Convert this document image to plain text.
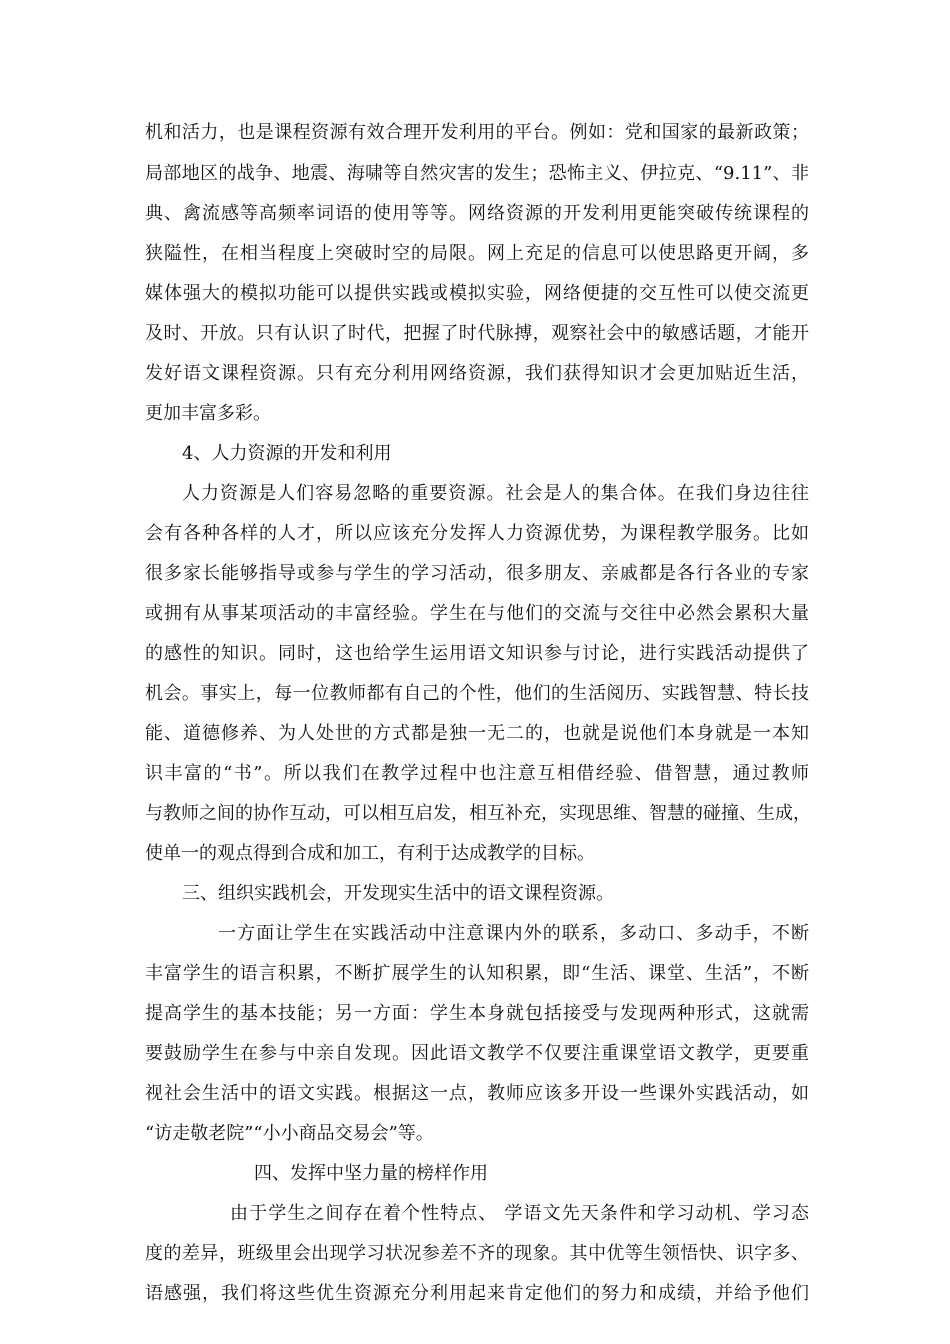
机和活力，也是课程资源有效合理开发利用的平台。例如：党和国家的最新政策；
局部地区的战争、地震、海啸等自然灾害的发生；恐怖主义、伊拉克、“9.11”、非
典、禽流感等高频率词语的使用等等。网络资源的开发利用更能突破传统课程的
狭隘性，在相当程度上突破时空的局限。网上充足的信息可以使思路更开阔，多
媒体强大的模拟功能可以提供实践或模拟实验，网络便捷的交互性可以使交流更
及时、开放。只有认识了时代，把握了时代脉搏，观察社会中的敏感话题，才能开
发好语文课程资源。只有充分利用网络资源，我们获得知识才会更加贴近生活，
更加丰富多彩。
4、人力资源的开发和利用
人力资源是人们容易忽略的重要资源。社会是人的集合体。在我们身边往往
会有各种各样的人才，所以应该充分发挥人力资源优势，为课程教学服务。比如
很多家长能够指导或参与学生的学习活动，很多朋友、亲戚都是各行各业的专家
或拥有从事某项活动的丰富经验。学生在与他们的交流与交往中必然会累积大量
的感性的知识。同时，这也给学生运用语文知识参与讨论，进行实践活动提供了
机会。事实上，每一位教师都有自己的个性，他们的生活阅历、实践智慧、特长技
能、道德修养、为人处世的方式都是独一无二的，也就是说他们本身就是一本知
识丰富的“书”。所以我们在教学过程中也注意互相借经验、借智慧，通过教师
与教师之间的协作互动，可以相互启发，相互补充，实现思维、智慧的碰撞、生成，
使单一的观点得到合成和加工，有利于达成教学的目标。
三、组织实践机会，开发现实生活中的语文课程资源。
一方面让学生在实践活动中注意课内外的联系，多动口、多动手，不断
丰富学生的语言积累，不断扩展学生的认知积累，即“生活、课堂、生活”，不断
提高学生的基本技能；另一方面：学生本身就包括接受与发现两种形式，这就需
要鼓励学生在参与中亲自发现。因此语文教学不仅要注重课堂语文教学，更要重
视社会生活中的语文实践。根据这一点，教师应该多开设一些课外实践活动，如
“访走敬老院”“小小商品交易会”等。
四、发挥中坚力量的榜样作用
由于学生之间存在着个性特点、 学语文先天条件和学习动机、学习态
度的差异，班级里会出现学习状况参差不齐的现象。其中优等生领悟快、识字多、
语感强，我们将这些优生资源充分利用起来肯定他们的努力和成绩，并给予他们
